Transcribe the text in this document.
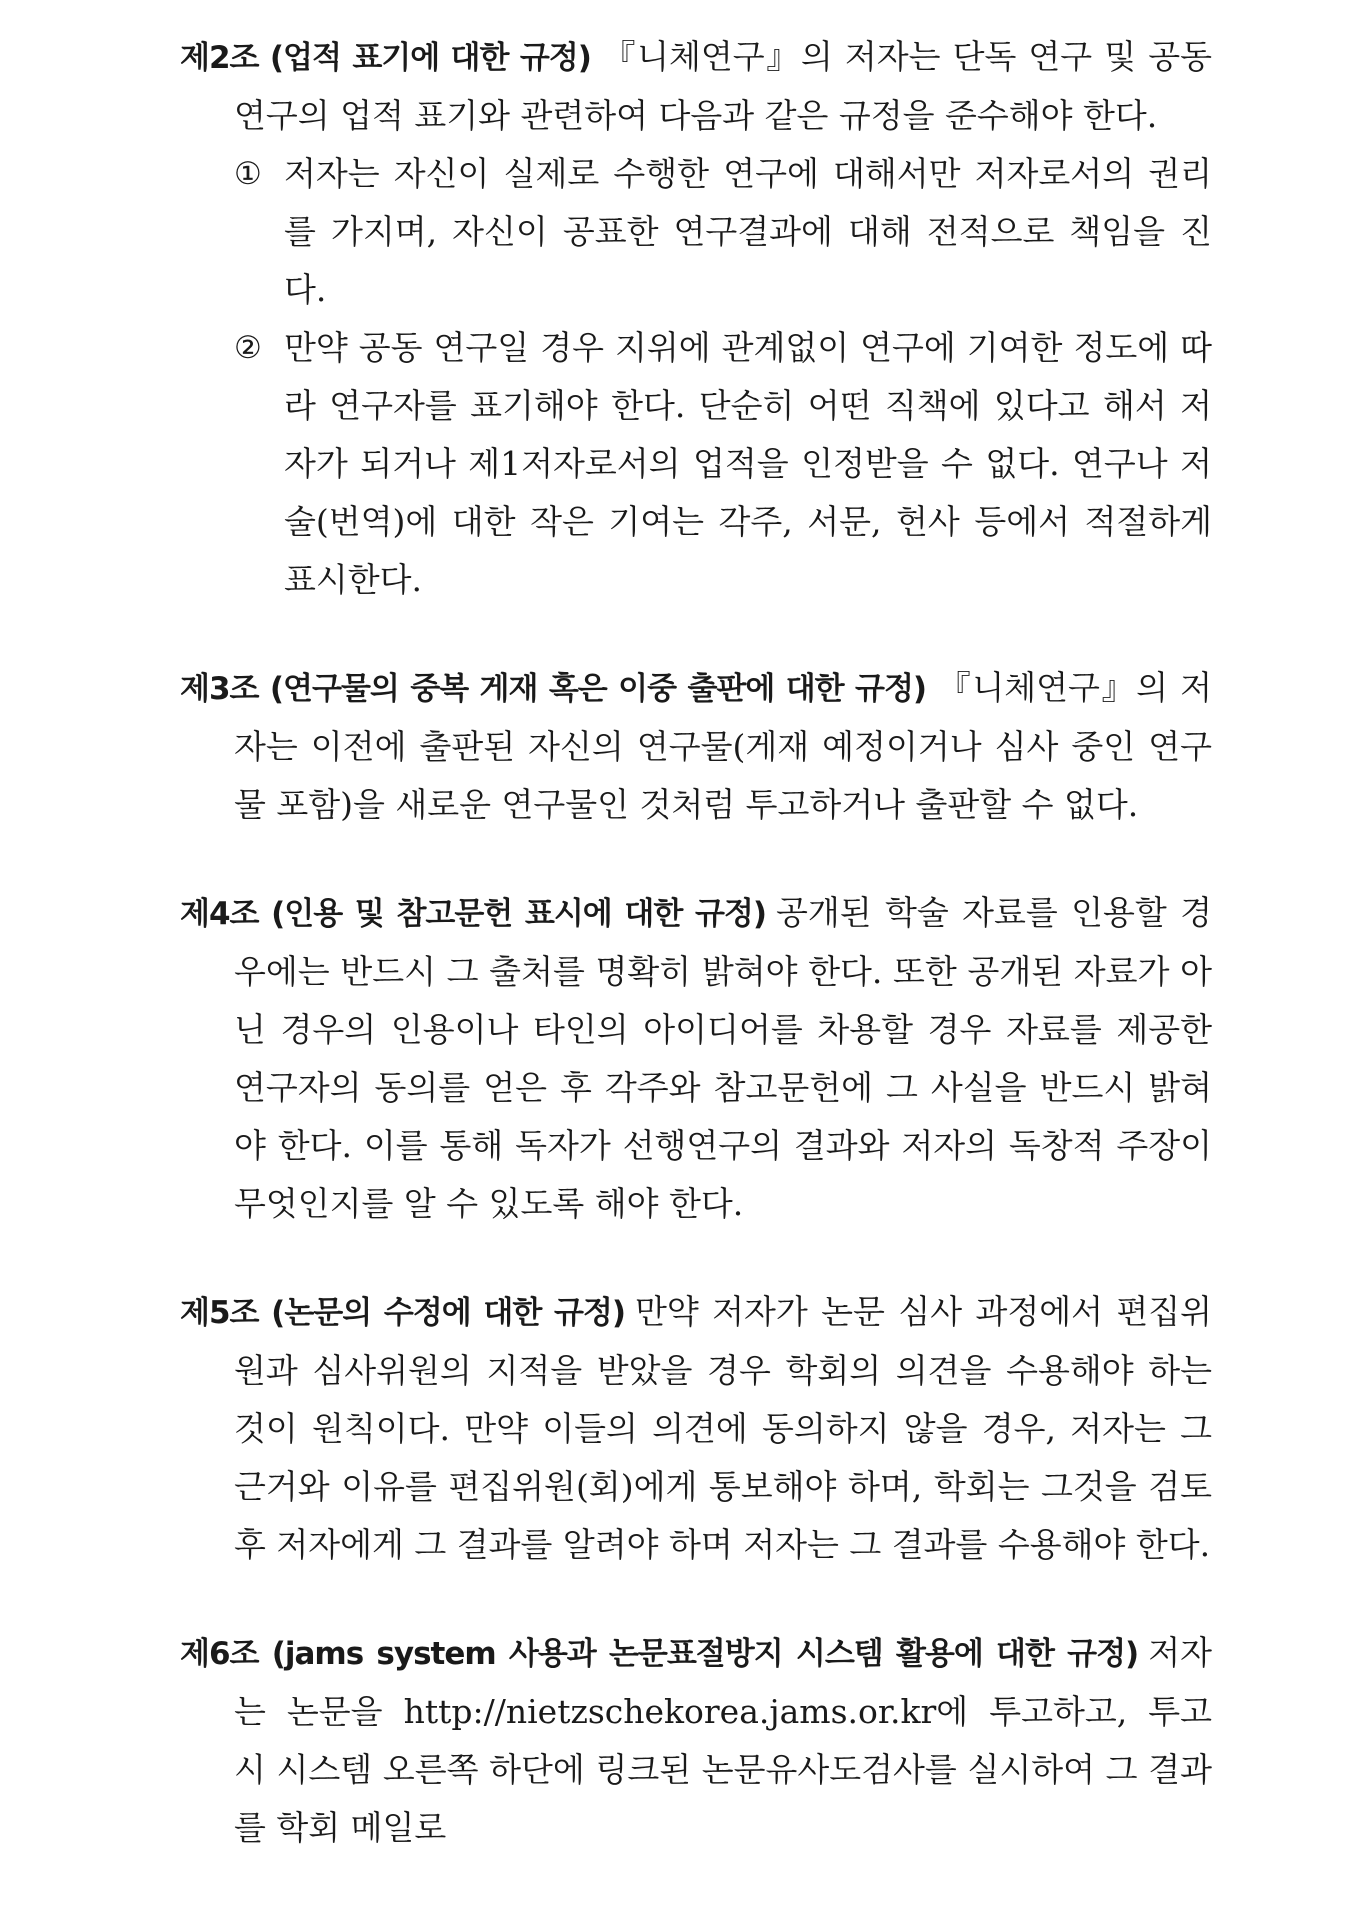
제2조 (업적 표기에 대한 규정) 『니체연구』의 저자는 단독 연구 및 공동 연구의 업적 표기와 관련하여 다음과 같은 규정을 준수해야 한다.

① 저자는 자신이 실제로 수행한 연구에 대해서만 저자로서의 권리를 가지며, 자신이 공표한 연구결과에 대해 전적으로 책임을 진다.
② 만약 공동 연구일 경우 지위에 관계없이 연구에 기여한 정도에 따라 연구자를 표기해야 한다. 단순히 어떤 직책에 있다고 해서 저자가 되거나 제1저자로서의 업적을 인정받을 수 없다. 연구나 저술(번역)에 대한 작은 기여는 각주, 서문, 헌사 등에서 적절하게 표시한다.

제3조 (연구물의 중복 게재 혹은 이중 출판에 대한 규정) 『니체연구』의 저자는 이전에 출판된 자신의 연구물(게재 예정이거나 심사 중인 연구물 포함)을 새로운 연구물인 것처럼 투고하거나 출판할 수 없다.

제4조 (인용 및 참고문헌 표시에 대한 규정) 공개된 학술 자료를 인용할 경우에는 반드시 그 출처를 명확히 밝혀야 한다. 또한 공개된 자료가 아닌 경우의 인용이나 타인의 아이디어를 차용할 경우 자료를 제공한 연구자의 동의를 얻은 후 각주와 참고문헌에 그 사실을 반드시 밝혀야 한다. 이를 통해 독자가 선행연구의 결과와 저자의 독창적 주장이 무엇인지를 알 수 있도록 해야 한다.

제5조 (논문의 수정에 대한 규정) 만약 저자가 논문 심사 과정에서 편집위원과 심사위원의 지적을 받았을 경우 학회의 의견을 수용해야 하는 것이 원칙이다. 만약 이들의 의견에 동의하지 않을 경우, 저자는 그 근거와 이유를 편집위원(회)에게 통보해야 하며, 학회는 그것을 검토 후 저자에게 그 결과를 알려야 하며 저자는 그 결과를 수용해야 한다.

제6조 (jams system 사용과 논문표절방지 시스템 활용에 대한 규정) 저자는 논문을 http://nietzschekorea.jams.or.kr에 투고하고, 투고 시 시스템 오른쪽 하단에 링크된 논문유사도검사를 실시하여 그 결과를 학회 메일로
